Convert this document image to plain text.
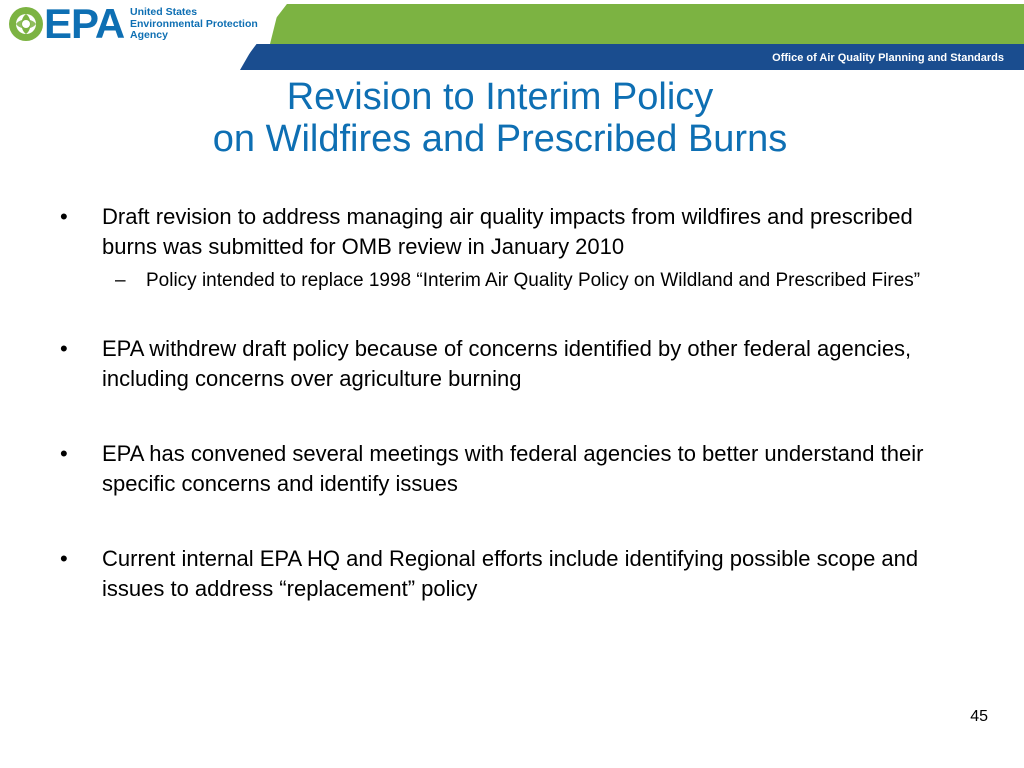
EPA United States
Environmental Protection
Agency
Office of Air Quality Planning and Standards
Revision to Interim Policy
on Wildfires and Prescribed Burns
• Draft revision to address managing air quality impacts from wildfires and prescribed burns was submitted for OMB review in January 2010
– Policy intended to replace 1998 “Interim Air Quality Policy on Wildland and Prescribed Fires”
• EPA withdrew draft policy because of concerns identified by other federal agencies, including concerns over agriculture burning
• EPA has convened several meetings with federal agencies to better understand their specific concerns and identify issues
• Current internal EPA HQ and Regional efforts include identifying possible scope and issues to address “replacement” policy
45
